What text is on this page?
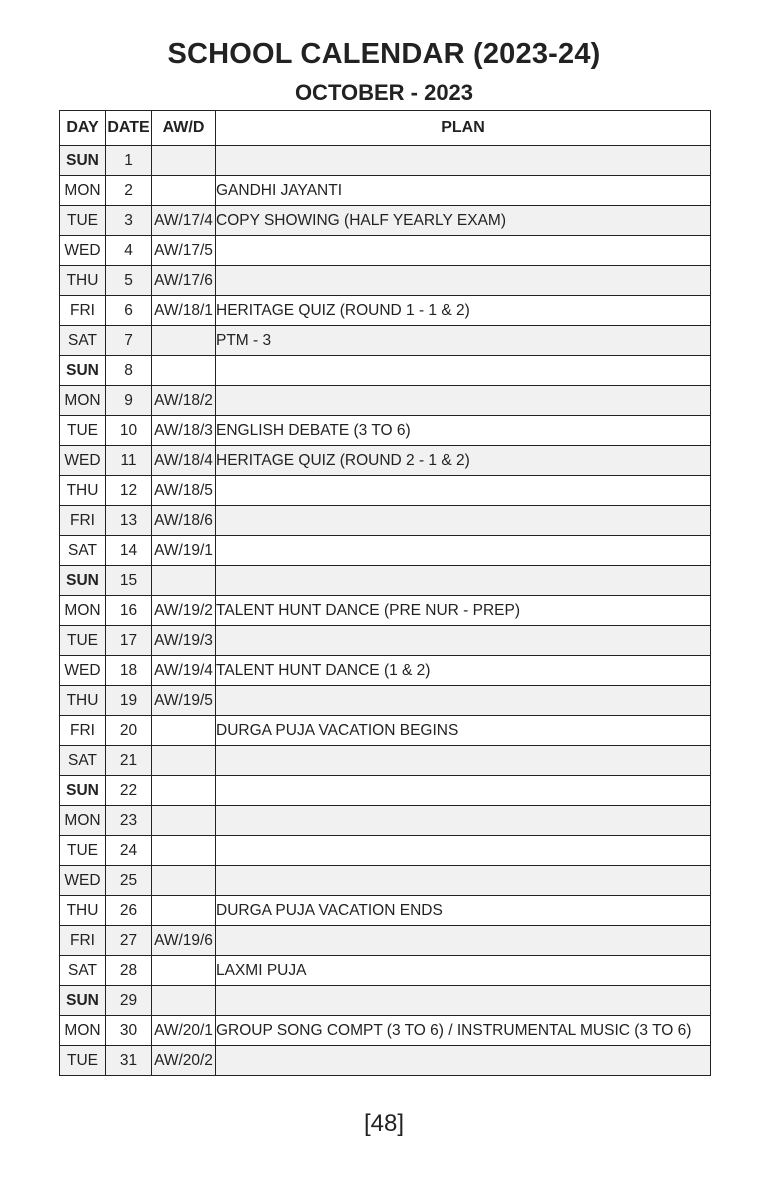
SCHOOL CALENDAR (2023-24)
OCTOBER - 2023
DAY	DATE	AW/D	PLAN
SUN	1		
MON	2		GANDHI JAYANTI
TUE	3	AW/17/4	COPY SHOWING (HALF YEARLY EXAM)
WED	4	AW/17/5	
THU	5	AW/17/6	
FRI	6	AW/18/1	HERITAGE QUIZ (ROUND 1 - 1 & 2)
SAT	7		PTM - 3
SUN	8		
MON	9	AW/18/2	
TUE	10	AW/18/3	ENGLISH DEBATE (3 TO 6)
WED	11	AW/18/4	HERITAGE QUIZ (ROUND 2 - 1 & 2)
THU	12	AW/18/5	
FRI	13	AW/18/6	
SAT	14	AW/19/1	
SUN	15		
MON	16	AW/19/2	TALENT HUNT DANCE (PRE NUR - PREP)
TUE	17	AW/19/3	
WED	18	AW/19/4	TALENT HUNT DANCE (1 & 2)
THU	19	AW/19/5	
FRI	20		DURGA PUJA VACATION BEGINS
SAT	21		
SUN	22		
MON	23		
TUE	24		
WED	25		
THU	26		DURGA PUJA VACATION ENDS
FRI	27	AW/19/6	
SAT	28		LAXMI PUJA
SUN	29		
MON	30	AW/20/1	GROUP SONG COMPT (3 TO 6) / INSTRUMENTAL MUSIC (3 TO 6)
TUE	31	AW/20/2	
[48]
